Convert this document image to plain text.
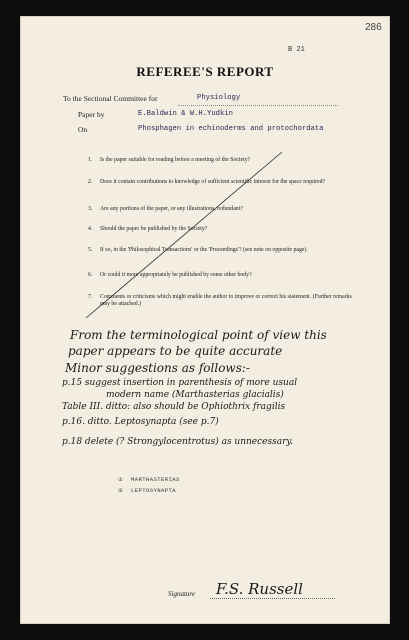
286
B 21
REFEREE'S REPORT
To the Sectional Committee for	Physiology
Paper by	E.Baldwin & W.H.Yudkin
On	Phosphagen in echinoderms and protochordata
1. Is the paper suitable for reading before a meeting of the Society?
2. Does it contain contributions to knowledge of sufficient scientific interest for the space required?
3. Are any portions of the paper, or any illustrations, redundant?
4. Should the paper be published by the Society?
5. If so, in the 'Philosophical Transactions' or the 'Proceedings'? (see note on opposite page).
6. Or could it more appropriately be published by some other body?
7. Comments or criticisms which might enable the author to improve or correct his statement. (Further remarks may be attached.)
From the terminological point of view this
paper appears to be quite accurate
Minor suggestions as follows:-
p.15 suggest insertion in parenthesis of more usual
modern name (Marthasterias glacialis)
Table III. ditto: also should be Ophiothrix fragilis
p.16. ditto. Leptosynapta (see p.7)
p.18 delete (? Strongylocentrotus) as unnecessary.
① MARTHASTERIAS
② LEPTOSYNAPTA
Signature F.S. Russell
